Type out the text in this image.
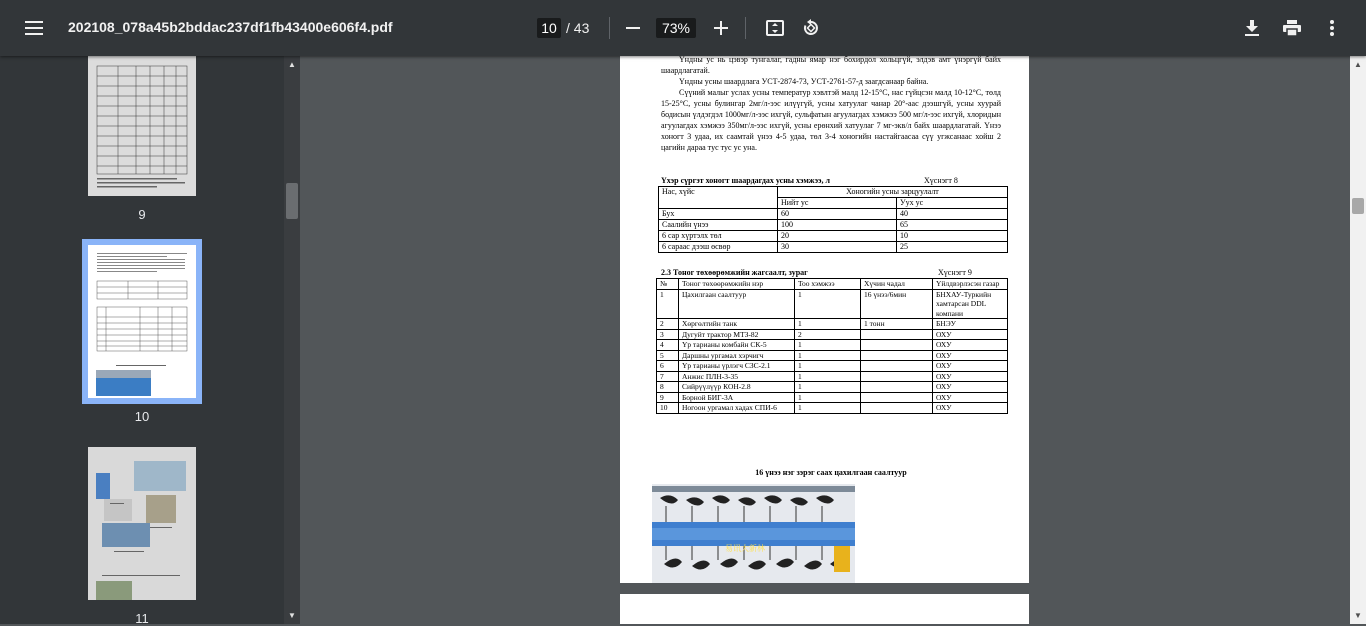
202108_078a45b2bddac237df1fb43400e606f4.pdf	10 / 43	73%
9
10
11
▲
▼
Үндны ус нь цэвэр тунгалаг, гадны ямар нэг бохирдол хольцгүй, элдэв амт үнэргүй байх шаардлагатай.
Үндны усны шаардлага УСТ-2874-73, УСТ-2761-57-д заагдсанаар байна.
Сүүний малыг услах усны температур хэвлтэй малд 12-15°С, нас гүйцсэн малд 10-12°С, төлд 15-25°С, усны булингар 2мг/л-ээс илүүгүй, усны хатуулаг чанар 20°-аас дээшгүй, усны хуурай бодисын үлдэгдэл 1000мг/л-ээс ихгүй, сульфатын агуулагдах хэмжээ 500 мг/л-ээс ихгүй, хлоридын агуулагдах хэмжээ 350мг/л-ээс ихгүй, усны ерөнхий хатуулаг 7 мг-экв/л байх шаардлагатай. Үнээ хоногт 3 удаа, их саамтай үнээ 4-5 удаа, төл 3-4 хоногийн настайгаасаа сүү угжсанаас хойш 2 цагийн дараа тус тус ус уна.
Үхэр сүргэт хоногт шаардагдах усны хэмжээ, л	Хүснэгт 8
Нас, хүйс	Хоногийн усны зарцуулалт	
	Нийт ус	Уух ус
Бух	60	40
Саалийн үнээ	100	65
6 сар хүртэлх төл	20	10
6 сараас дээш өсвөр	30	25
2.3 Тоног төхөөрөмжийн жагсаалт, зураг	Хүснэгт 9
№	Тоног төхөөрөмжийн нэр	Тоо хэмжээ	Хүчин чадал	Үйлдвэрлэсэн газар
1	Цахилгаан саалтуур	1	16 үнээ/6мин	БНХАУ-Туркийн хамтарсан DDL компани
2	Хөргөлтийн танк	1	1 тонн	БНЭУ
3	Дугуйт трактор МТЗ-82	2		ОХУ
4	Үр тарианы комбайн СК-5	1		ОХУ
5	Даршны ургамал хэрчигч	1		ОХУ
6	Үр тарианы үрлэгч СЗС-2.1	1		ОХУ
7	Анжис ПЛН-3-35	1		ОХУ
8	Сийрүүлүүр КОН-2.8	1		ОХУ
9	Борной БИГ-3А	1		ОХУ
10	Ногоон ургамал хадах СПИ-6	1		ОХУ
16 үнээ нэг зэрэг саах цахилгаан саалтуур
易讯大新林
▲
▼
